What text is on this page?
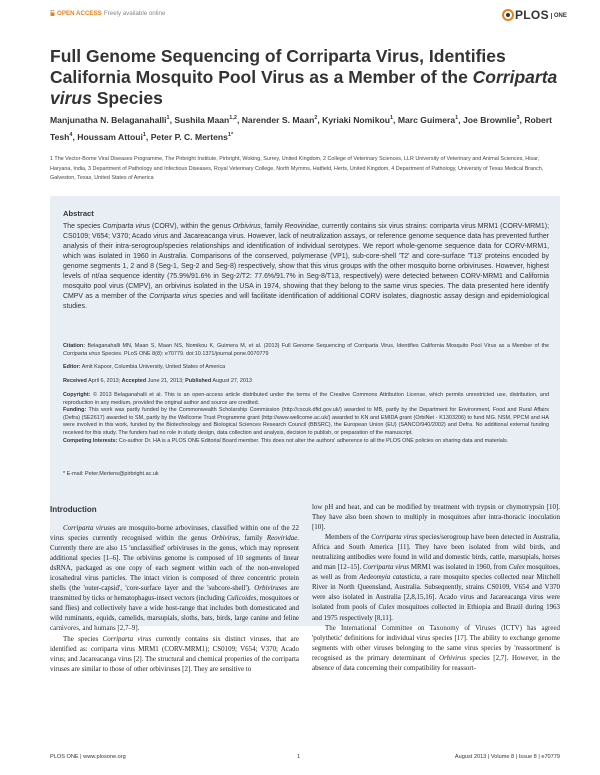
OPEN ACCESS Freely available online	PLOS ONE
Full Genome Sequencing of Corriparta Virus, Identifies California Mosquito Pool Virus as a Member of the Corriparta virus Species
Manjunatha N. Belaganahalli$^1$, Sushila Maan$^{1,2}$, Narender S. Maan$^2$, Kyriaki Nomikou$^1$, Marc Guimera$^1$, Joe Brownlie$^3$, Robert Tesh$^4$, Houssam Attoui$^1$, Peter P. C. Mertens$^{1*}$
1 The Vector-Borne Viral Diseases Programme, The Pirbright Institute, Pirbright, Woking, Surrey, United Kingdom, 2 College of Veterinary Sciences, LLR University of Veterinary and Animal Sciences, Hisar, Haryana, India, 3 Department of Pathology and Infectious Diseases, Royal Veterinary College, North Mymms, Hatfield, Herts, United Kingdom, 4 Department of Pathology, University of Texas Medical Branch, Galveston, Texas, United States of America
Abstract
The species Corriparta virus (CORV), within the genus Orbivirus, family Reoviridae, currently contains six virus strains: corriparta virus MRM1 (CORV-MRM1); CS0109; V654; V370; Acado virus and Jacareacanga virus. However, lack of neutralization assays, or reference genome sequence data has prevented further analysis of their intra-serogroup/species relationships and identification of individual serotypes. We report whole-genome sequence data for CORV-MRM1, which was isolated in 1960 in Australia. Comparisons of the conserved, polymerase (VP1), sub-core-shell 'T2' and core-surface 'T13' proteins encoded by genome segments 1, 2 and 8 (Seg-1, Seg-2 and Seg-8) respectively, show that this virus groups with the other mosquito borne orbiviruses. However, highest levels of nt/aa sequence identity (75.9%/91.6% in Seg-2/T2: 77.6%/91.7% in Seg-8/T13, respectively) were detected between CORV-MRM1 and California mosquito pool virus (CMPV), an orbivirus isolated in the USA in 1974, showing that they belong to the same virus species. The data presented here identify CMPV as a member of the Corriparta virus species and will facilitate identification of additional CORV isolates, diagnostic assay design and epidemiological studies.
Citation: Belaganahalli MN, Maan S, Maan NS, Nomikou K, Guimera M, et al. (2013) Full Genome Sequencing of Corriparta Virus, Identifies California Mosquito Pool Virus as a Member of the Corriparta virus Species. PLoS ONE 8(8): e70779. doi:10.1371/journal.pone.0070779
Editor: Amit Kapoor, Columbia University, United States of America
Received April 6, 2013; Accepted June 21, 2013; Published August 27, 2013
Copyright: © 2013 Belaganahalli et al. This is an open-access article distributed under the terms of the Creative Commons Attribution License, which permits unrestricted use, distribution, and reproduction in any medium, provided the original author and source are credited.
Funding: This work was partly funded by the Commonwealth Scholarship Commission (http://cscuk.dfid.gov.uk/) awarded to MB, partly by the Department for Environment, Food and Rural Affairs (Defra) (SE2617) awarded to SM, partly by the Wellcome Trust Programme grant (http://www.wellcome.ac.uk/) awarded to KN and EMIDA grant (OrbiNet - K1303206) to fund MG. NSM, PPCM and HA were involved in this work, funded by the Biotechnology and Biological Sciences Research Council (BBSRC), the European Union (EU) (SANCO/940/2002) and Defra. No additional external funding received for this study. The funders had no role in study design, data collection and analysis, decision to publish, or preparation of the manuscript.
Competing Interests: Co-author Dr. HA is a PLOS ONE Editorial Board member. This does not alter the authors' adherence to all the PLOS ONE policies on sharing data and materials.
* E-mail: Peter.Mertens@pirbright.ac.uk
Introduction

Corriparta viruses are mosquito-borne arboviruses, classified within one of the 22 virus species currently recognised within the genus Orbivirus, family Reoviridae. Currently there are also 15 'unclassified' orbiviruses in the genus, which may represent additional species [1–6]. The orbivirus genome is composed of 10 segments of linear dsRNA, packaged as one copy of each segment within each of the non-enveloped icosahedral virus particles. The intact virion is composed of three concentric protein shells (the 'outer-capsid', 'core-surface layer and the 'subcore-shell'). Orbiviruses are transmitted by ticks or hematophagus-insect vectors (including Culicoides, mosquitoes or sand flies) and collectively have a wide host-range that includes both domesticated and wild ruminants, equids, camelids, marsupials, sloths, bats, birds, large canine and feline carnivores, and humans [2,7–9].

The species Corriparta virus currently contains six distinct viruses, that are identified as: corriparta virus MRM1 (CORV-MRM1); CS0109; V654; V370; Acado virus; and Jacareacanga virus [2]. The structural and chemical properties of the corriparta viruses are similar to those of other orbiviruses [2]. They are sensitive to

low pH and heat, and can be modified by treatment with trypsin or chymotrypsin [10]. They have also been shown to multiply in mosquitoes after intra-thoracic inoculation [10].

Members of the Corriparta virus species/serogroup have been detected in Australia, Africa and South America [11]. They have been isolated from wild birds, and neutralizing antibodies were found in wild and domestic birds, cattle, marsupials, horses and man [12–15]. Corriparta virus MRM1 was isolated in 1960, from Culex mosquitoes, as well as from Aedeomyia catasticta, a rare mosquito species collected near Mitchell River in North Queensland, Australia. Subsequently, strains CS0109, V654 and V370 were also isolated in Australia [2,8,15,16]. Acado virus and Jacareacanga virus were isolated from pools of Culex mosquitoes collected in Ethiopia and Brazil during 1963 and 1975 respectively [8,11].

The International Committee on Taxonomy of Viruses (ICTV) has agreed 'polythetic' definitions for individual virus species [17]. The ability to exchange genome segments with other viruses belonging to the same virus species by 'reassortment' is recognised as the primary determinant of Orbivirus species [2,7]. However, in the absence of data concerning their compatibility for reassort-

PLOS ONE | www.plosone.org	1	August 2013 | Volume 8 | Issue 8 | e70779
